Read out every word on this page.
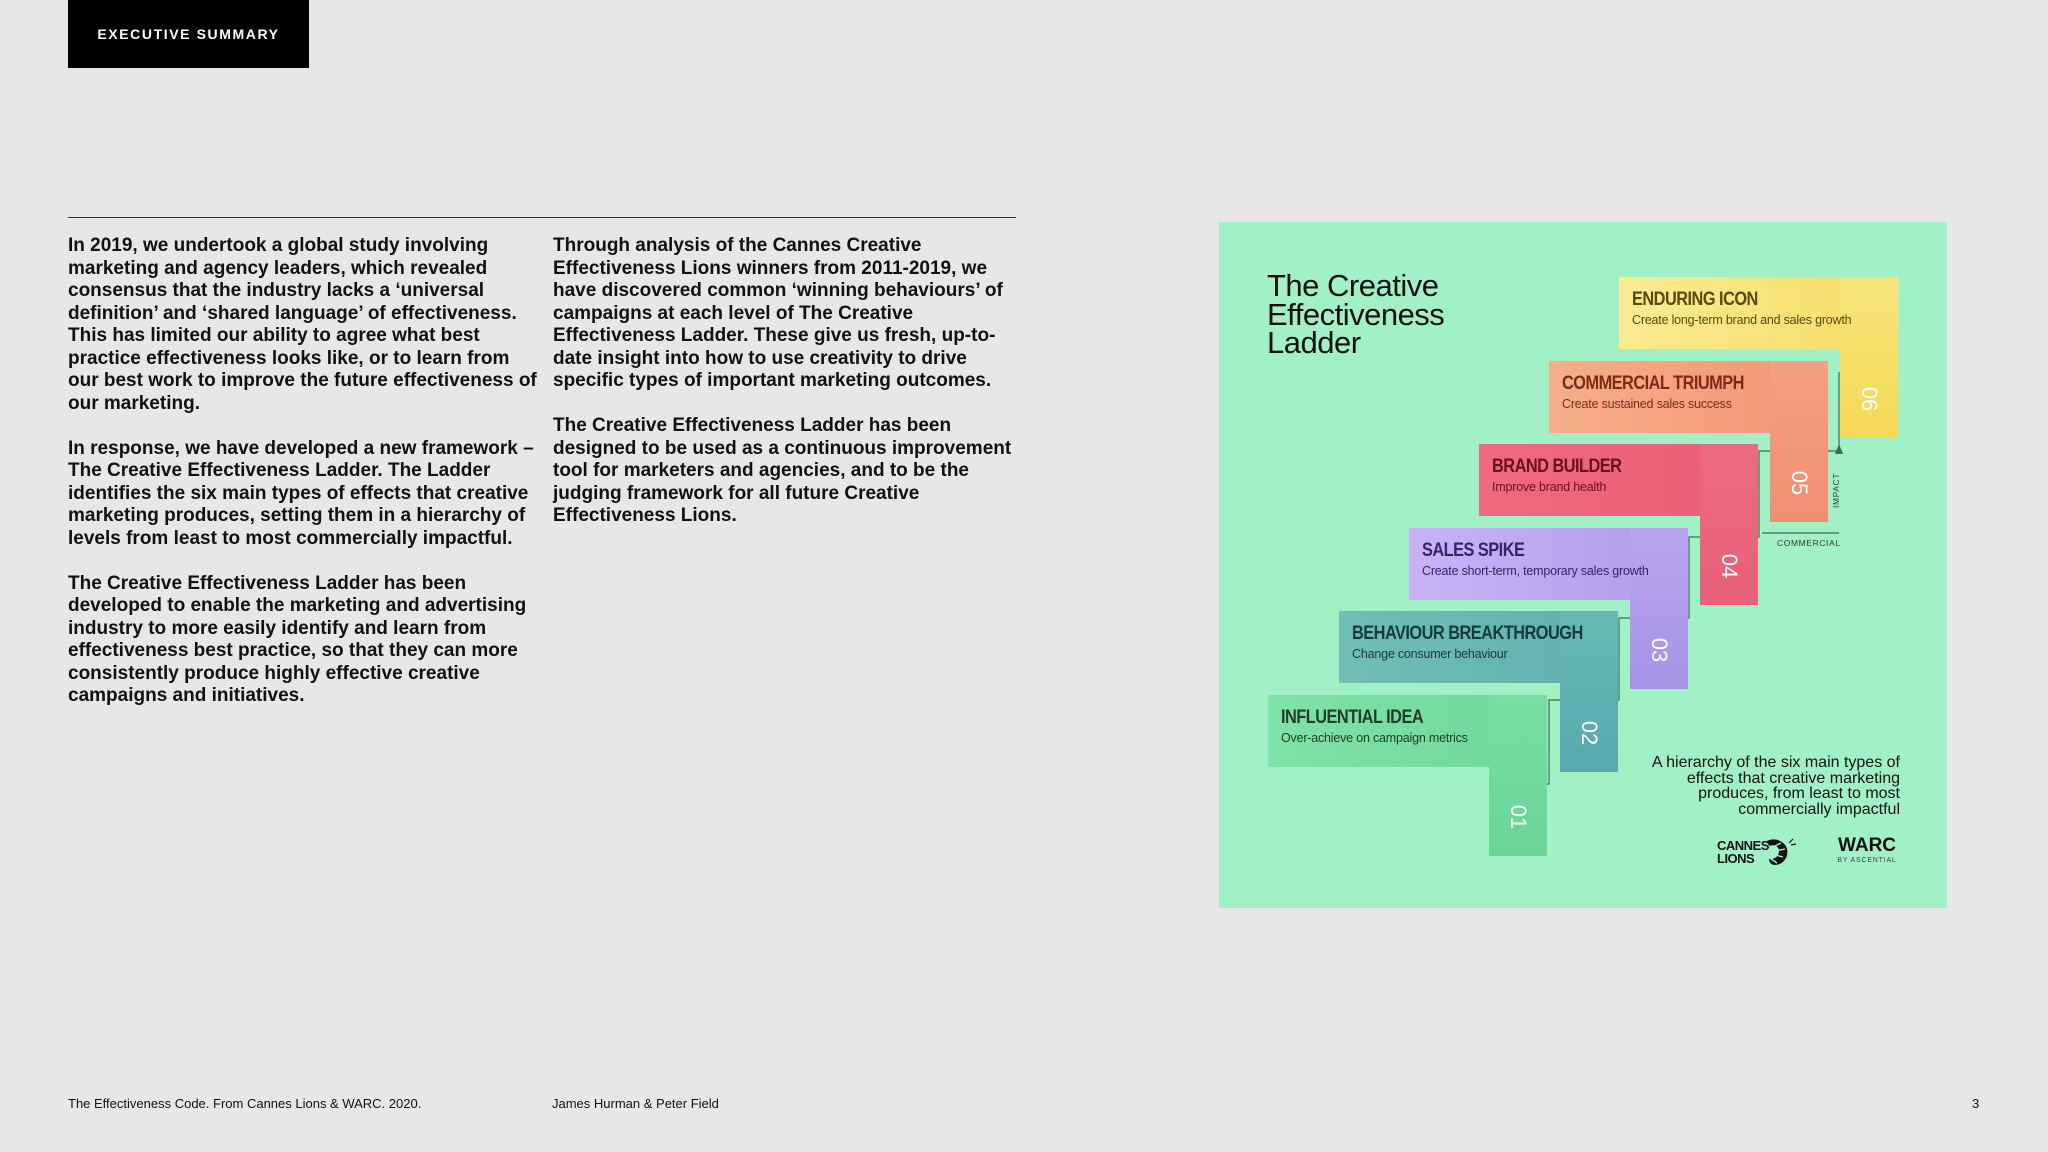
EXECUTIVE SUMMARY

In 2019, we undertook a global study involving marketing and agency leaders, which revealed consensus that the industry lacks a ‘universal definition’ and ‘shared language’ of effectiveness. This has limited our ability to agree what best practice effectiveness looks like, or to learn from our best work to improve the future effectiveness of our marketing.

In response, we have developed a new framework – The Creative Effectiveness Ladder. The Ladder identifies the six main types of effects that creative marketing produces, setting them in a hierarchy of levels from least to most commercially impactful.

The Creative Effectiveness Ladder has been developed to enable the marketing and advertising industry to more easily identify and learn from effectiveness best practice, so that they can more consistently produce highly effective creative campaigns and initiatives.

Through analysis of the Cannes Creative Effectiveness Lions winners from 2011-2019, we have discovered common ‘winning behaviours’ of campaigns at each level of The Creative Effectiveness Ladder. These give us fresh, up-to-date insight into how to use creativity to drive specific types of important marketing outcomes.

The Creative Effectiveness Ladder has been designed to be used as a continuous improvement tool for marketers and agencies, and to be the judging framework for all future Creative Effectiveness Lions.

The Creative Effectiveness Ladder
COMMERCIAL
IMPACT
ENDURING ICON
Create long-term brand and sales growth
06
COMMERCIAL TRIUMPH
Create sustained sales success
05
BRAND BUILDER
Improve brand health
04
SALES SPIKE
Create short-term, temporary sales growth
03
BEHAVIOUR BREAKTHROUGH
Change consumer behaviour
02
INFLUENTIAL IDEA
Over-achieve on campaign metrics
01
A hierarchy of the six main types of effects that creative marketing produces, from least to most commercially impactful
CANNES LIONS
WARC
BY ASCENTIAL
The Effectiveness Code. From Cannes Lions & WARC. 2020.	James Hurman & Peter Field	3
